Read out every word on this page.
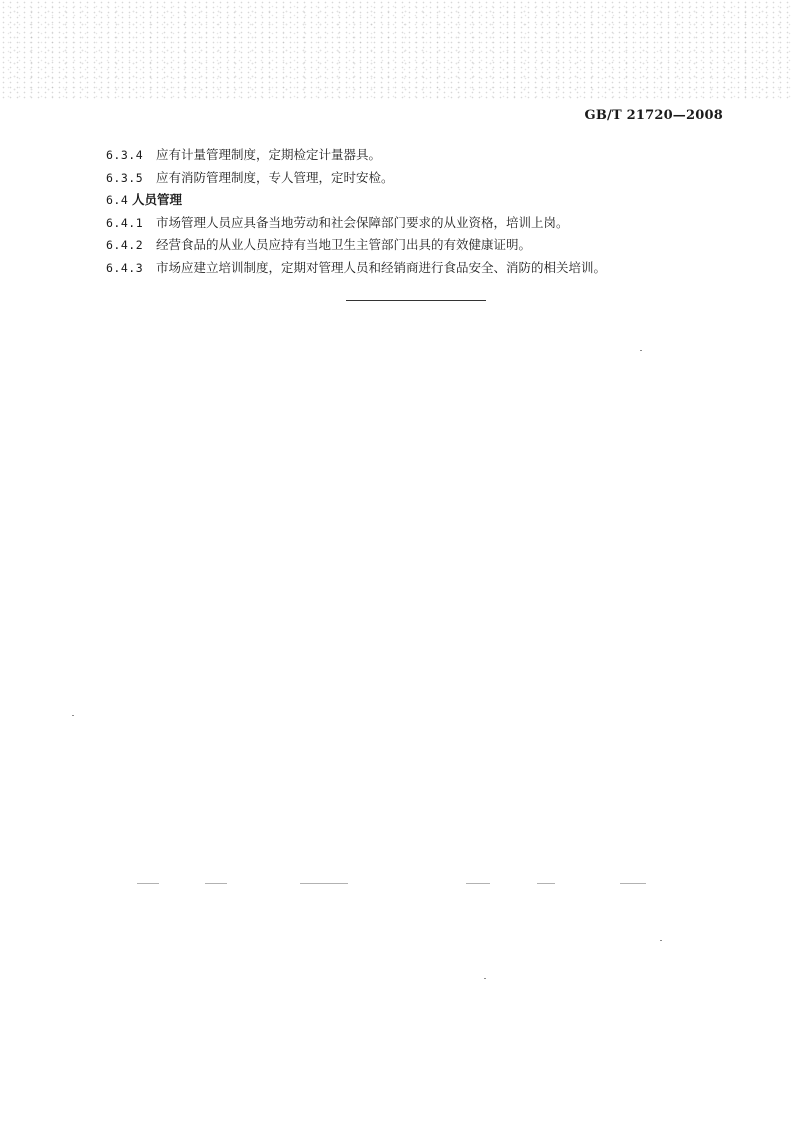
GB/T 21720—2008
6.3.4 应有计量管理制度，定期检定计量器具。
6.3.5 应有消防管理制度，专人管理，定时安检。
6.4 人员管理
6.4.1 市场管理人员应具备当地劳动和社会保障部门要求的从业资格，培训上岗。
6.4.2 经营食品的从业人员应持有当地卫生主管部门出具的有效健康证明。
6.4.3 市场应建立培训制度，定期对管理人员和经销商进行食品安全、消防的相关培训。
